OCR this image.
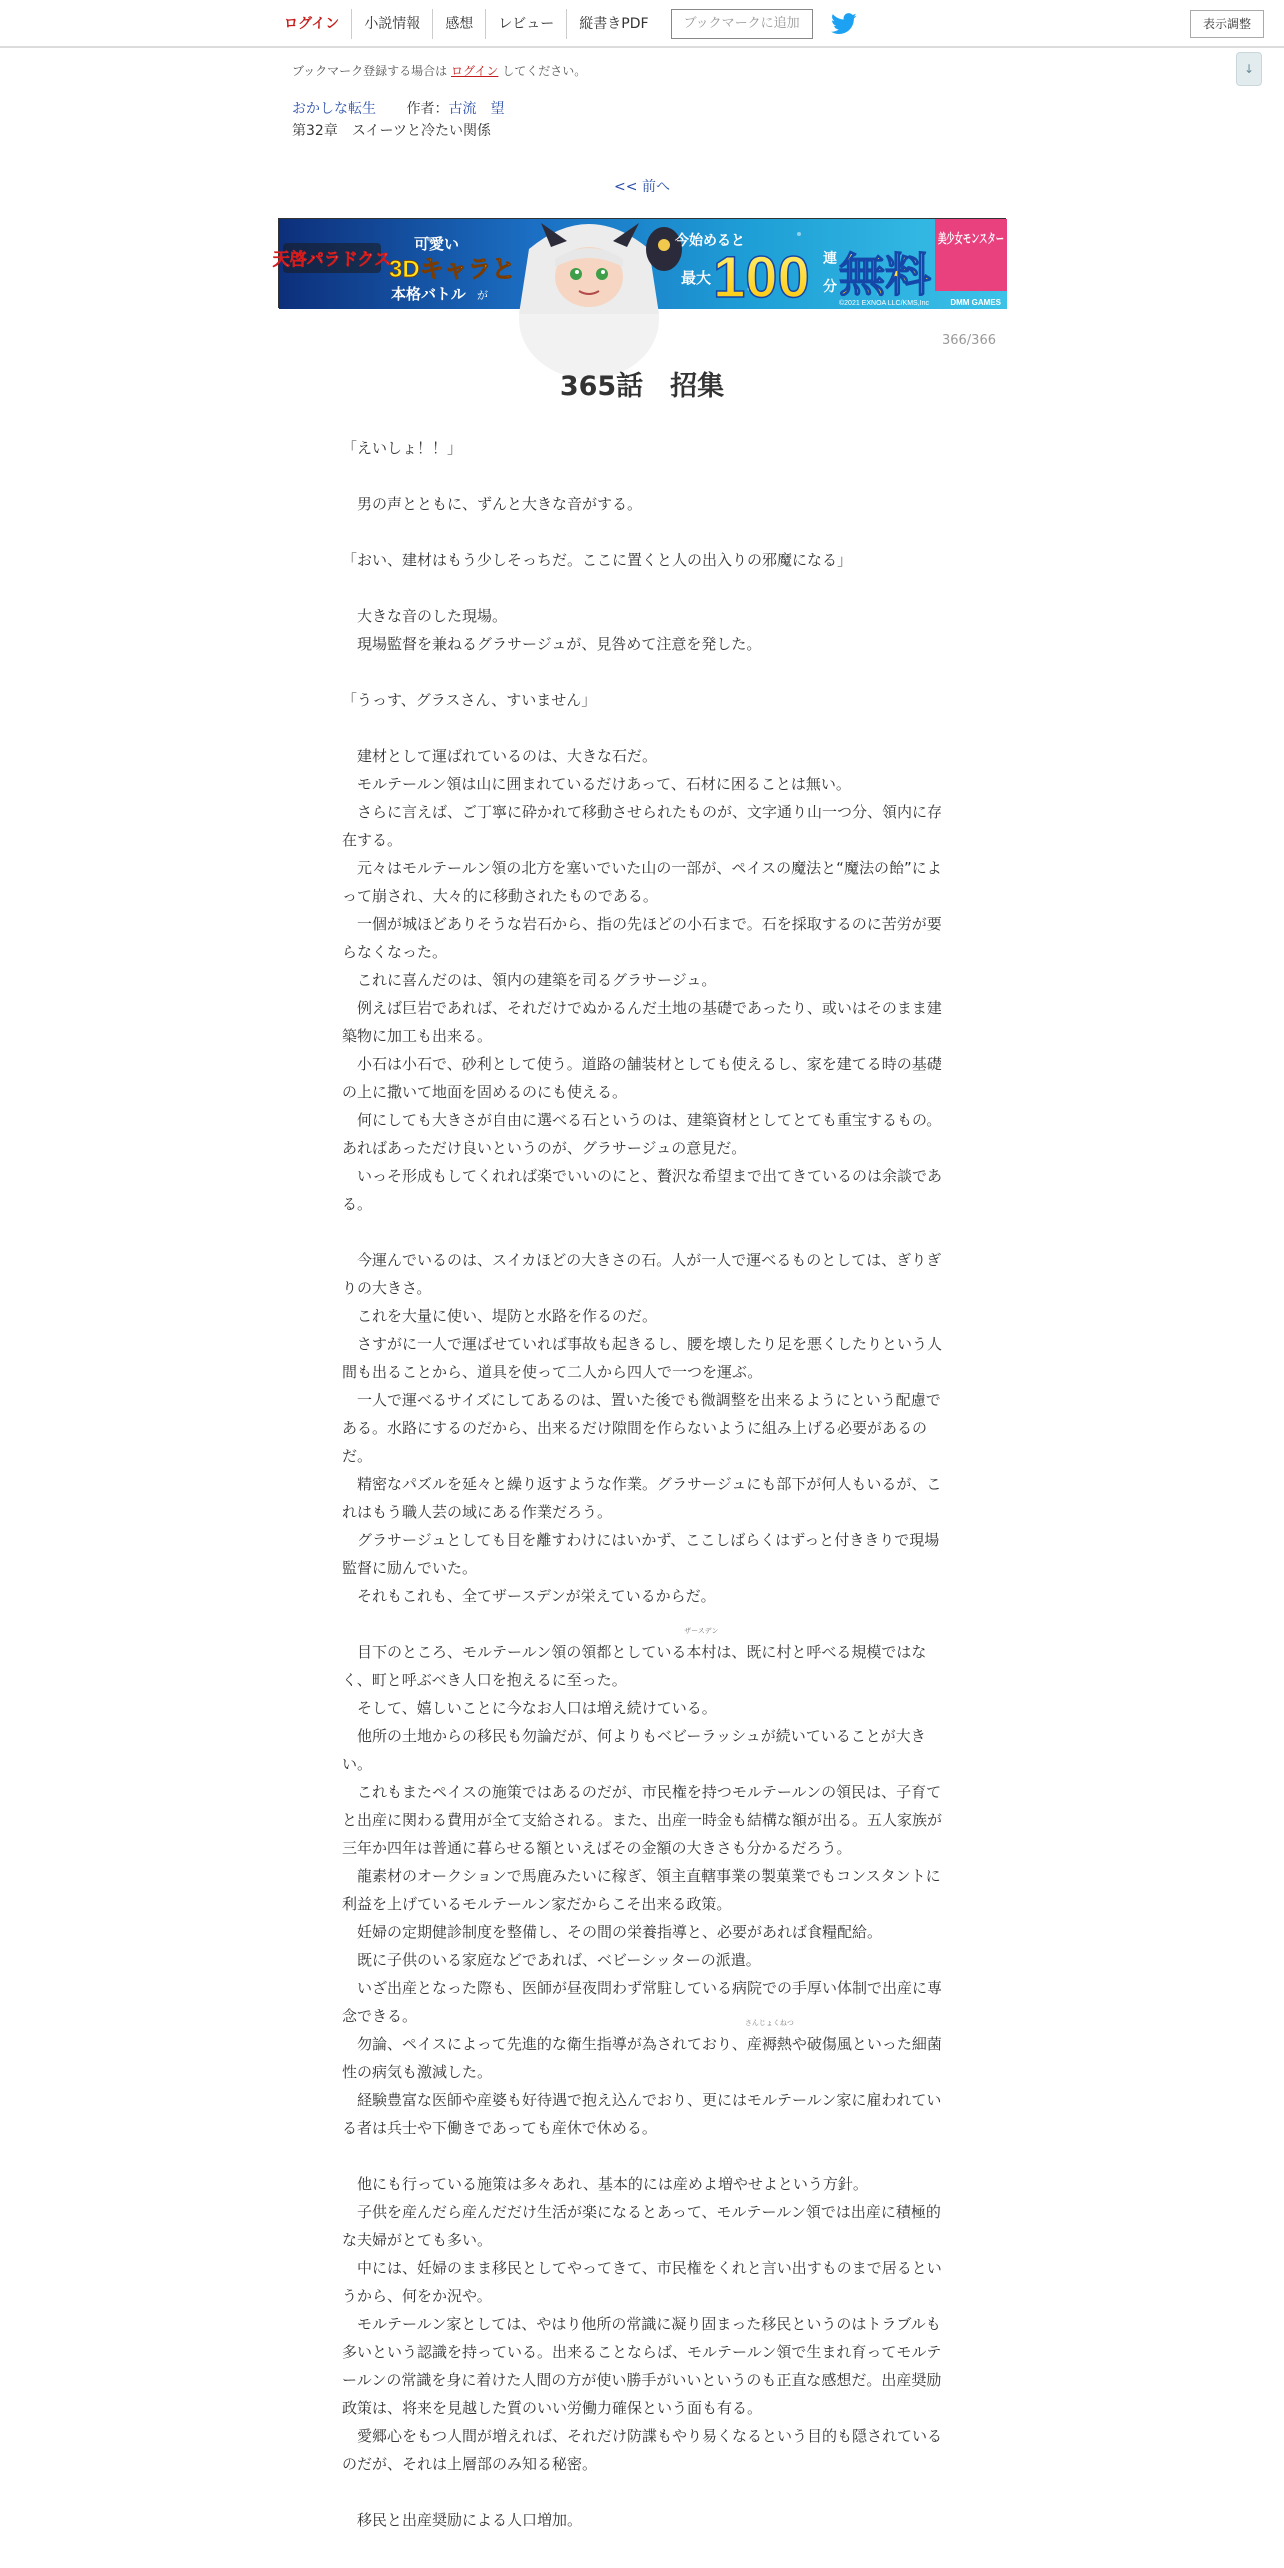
ログイン	小説情報	感想	レビュー	縦書きPDF	ブックマークに追加	表示調整
↓
ブックマーク登録する場合は ログイン してください。
おかしな転生 作者：古流　望
第32章　スイーツと冷たい関係
<< 前へ
天啓パラドクス
可愛い
3Dキャラと
本格バトル が
今始めると
最大 100 連
分 無料
美少女モンスター
©2021 EXNOA LLC/KMS,Inc	DMM GAMES
366/366
365話　招集

「えいしょ！！」

　男の声とともに、ずんと大きな音がする。

「おい、建材はもう少しそっちだ。ここに置くと人の出入りの邪魔になる」

　大きな音のした現場。

　現場監督を兼ねるグラサージュが、見咎めて注意を発した。

「うっす、グラスさん、すいません」

　建材として運ばれているのは、大きな石だ。

　モルテールン領は山に囲まれているだけあって、石材に困ることは無い。

　さらに言えば、ご丁寧に砕かれて移動させられたものが、文字通り山一つ分、領内に存在する。

　元々はモルテールン領の北方を塞いでいた山の一部が、ペイスの魔法と“魔法の飴”によって崩され、大々的に移動されたものである。

　一個が城ほどありそうな岩石から、指の先ほどの小石まで。石を採取するのに苦労が要らなくなった。

　これに喜んだのは、領内の建築を司るグラサージュ。

　例えば巨岩であれば、それだけでぬかるんだ土地の基礎であったり、或いはそのまま建築物に加工も出来る。

　小石は小石で、砂利として使う。道路の舗装材としても使えるし、家を建てる時の基礎の上に撒いて地面を固めるのにも使える。

　何にしても大きさが自由に選べる石というのは、建築資材としてとても重宝するもの。あればあっただけ良いというのが、グラサージュの意見だ。

　いっそ形成もしてくれれば楽でいいのにと、贅沢な希望まで出てきているのは余談である。

　今運んでいるのは、スイカほどの大きさの石。人が一人で運べるものとしては、ぎりぎりの大きさ。

　これを大量に使い、堤防と水路を作るのだ。

　さすがに一人で運ばせていれば事故も起きるし、腰を壊したり足を悪くしたりという人間も出ることから、道具を使って二人から四人で一つを運ぶ。

　一人で運べるサイズにしてあるのは、置いた後でも微調整を出来るようにという配慮である。水路にするのだから、出来るだけ隙間を作らないように組み上げる必要があるのだ。

　精密なパズルを延々と繰り返すような作業。グラサージュにも部下が何人もいるが、これはもう職人芸の域にある作業だろう。

　グラサージュとしても目を離すわけにはいかず、ここしばらくはずっと付ききりで現場監督に励んでいた。

　それもこれも、全てザースデンが栄えているからだ。

　目下のところ、モルテールン領の領都としている本村
ザースデン
は、既に村と呼べる規模ではなく、町と呼ぶべき人口を抱えるに至った。

　そして、嬉しいことに今なお人口は増え続けている。

　他所の土地からの移民も勿論だが、何よりもベビーラッシュが続いていることが大きい。

　これもまたペイスの施策ではあるのだが、市民権を持つモルテールンの領民は、子育てと出産に関わる費用が全て支給される。また、出産一時金も結構な額が出る。五人家族が三年か四年は普通に暮らせる額といえばその金額の大きさも分かるだろう。

　龍素材のオークションで馬鹿みたいに稼ぎ、領主直轄事業の製菓業でもコンスタントに利益を上げているモルテールン家だからこそ出来る政策。

　妊婦の定期健診制度を整備し、その間の栄養指導と、必要があれば食糧配給。

　既に子供のいる家庭などであれば、ベビーシッターの派遣。

　いざ出産となった際も、医師が昼夜問わず常駐している病院での手厚い体制で出産に専念できる。

　勿論、ペイスによって先進的な衛生指導が為されており、産褥熱
さんじょくねつ
や破傷風といった細菌性の病気も激減した。

　経験豊富な医師や産婆も好待遇で抱え込んでおり、更にはモルテールン家に雇われている者は兵士や下働きであっても産休で休める。

　他にも行っている施策は多々あれ、基本的には産めよ増やせよという方針。

　子供を産んだら産んだだけ生活が楽になるとあって、モルテールン領では出産に積極的な夫婦がとても多い。

　中には、妊婦のまま移民としてやってきて、市民権をくれと言い出すものまで居るというから、何をか況や。

　モルテールン家としては、やはり他所の常識に凝り固まった移民というのはトラブルも多いという認識を持っている。出来ることならば、モルテールン領で生まれ育ってモルテールンの常識を身に着けた人間の方が使い勝手がいいというのも正直な感想だ。出産奨励政策は、将来を見越した質のいい労働力確保という面も有る。

　愛郷心をもつ人間が増えれば、それだけ防諜もやり易くなるという目的も隠されているのだが、それは上層部のみ知る秘密。

　移民と出産奨励による人口増加。
